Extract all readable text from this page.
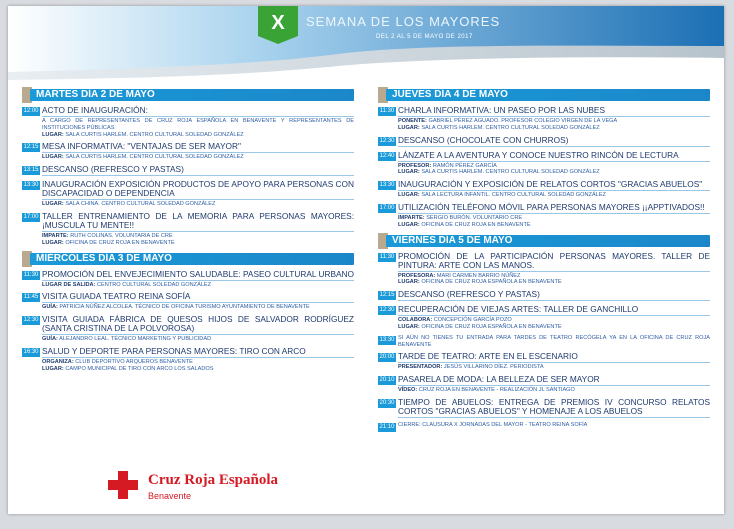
X	SEMANA DE LOS MAYORES
DEL 2 AL 5 DE MAYO DE 2017
MARTES DÍA 2 DE MAYO
12:00 ACTO DE INAUGURACIÓN:
A CARGO DE REPRESENTANTES DE CRUZ ROJA ESPAÑOLA EN BENAVENTE Y REPRESENTANTES DE INSTITUCIONES PÚBLICAS
LUGAR: SALA CURTIS HARLEM. CENTRO CULTURAL SOLEDAD GONZÁLEZ
12:15 MESA INFORMATIVA: "VENTAJAS DE SER MAYOR"
LUGAR: SALA CURTIS HARLEM. CENTRO CULTURAL SOLEDAD GONZÁLEZ
13:15 DESCANSO (REFRESCO Y PASTAS)
13:30 INAUGURACIÓN EXPOSICIÓN PRODUCTOS DE APOYO PARA PERSONAS CON DISCAPACIDAD O DEPENDENCIA
LUGAR: SALA CHINA. CENTRO CULTURAL SOLEDAD GONZÁLEZ
17:00 TALLER ENTRENAMIENTO DE LA MEMORIA PARA PERSONAS MAYORES: ¡MUSCULA TU MENTE!!
IMPARTE: RUTH COLINAS. VOLUNTARIA DE CRE
LUGAR: OFICINA DE CRUZ ROJA EN BENAVENTE
MIÉRCOLES DÍA 3 DE MAYO
11:30 PROMOCIÓN DEL ENVEJECIMIENTO SALUDABLE: PASEO CULTURAL URBANO
LUGAR DE SALIDA: CENTRO CULTURAL SOLEDAD GONZÁLEZ
11:45 VISITA GUIADA TEATRO REINA SOFÍA
GUÍA: PATRICIA NÚÑEZ ALCOLEA. TÉCNICO DE OFICINA TURISMO AYUNTAMIENTO DE BENAVENTE
12:30 VISITA GUIADA FÁBRICA DE QUESOS HIJOS DE SALVADOR RODRÍGUEZ (SANTA CRISTINA DE LA POLVOROSA)
GUÍA: ALEJANDRO LEAL. TÉCNICO MARKETING Y PUBLICIDAD
16:30 SALUD Y DEPORTE PARA PERSONAS MAYORES: TIRO CON ARCO
ORGANIZA: CLUB DEPORTIVO ARQUEROS BENAVENTE
LUGAR: CAMPO MUNICIPAL DE TIRO CON ARCO LOS SALADOS
JUEVES DÍA 4 DE MAYO
11:30 CHARLA INFORMATIVA: UN PASEO POR LAS NUBES
PONENTE: GABRIEL PÉREZ AGUADO. PROFESOR COLEGIO VIRGEN DE LA VEGA
LUGAR: SALA CURTIS HARLEM. CENTRO CULTURAL SOLEDAD GONZÁLEZ
12:30 DESCANSO (CHOCOLATE CON CHURROS)
12:40 LÁNZATE A LA AVENTURA Y CONOCE NUESTRO RINCÓN DE LECTURA
PROFESOR: RAMÓN PÉREZ GARCÍA
LUGAR: SALA CURTIS HARLEM. CENTRO CULTURAL SOLEDAD GONZÁLEZ
13:30 INAUGURACIÓN Y EXPOSICIÓN DE RELATOS CORTOS "GRACIAS ABUELOS"
LUGAR: SALA LECTURA INFANTIL. CENTRO CULTURAL SOLEDAD GONZÁLEZ
17:00 UTILIZACIÓN TELÉFONO MÓVIL PARA PERSONAS MAYORES ¡¡APPTIVADOS!!
IMPARTE: SERGIO BURÓN. VOLUNTARIO CRE
LUGAR: OFICINA DE CRUZ ROJA EN BENAVENTE
VIERNES DÍA 5 DE MAYO
11:30 PROMOCIÓN DE LA PARTICIPACIÓN PERSONAS MAYORES. TALLER DE PINTURA: ARTE CON LAS MANOS.
PROFESORA: MARI CARMEN BARRIO NÚÑEZ
LUGAR: OFICINA DE CRUZ ROJA ESPAÑOLA EN BENAVENTE
12:15 DESCANSO (REFRESCO Y PASTAS)
12:30 RECUPERACIÓN DE VIEJAS ARTES: TALLER DE GANCHILLO
COLABORA: CONCEPCIÓN GARCÍA POZO
LUGAR: OFICINA DE CRUZ ROJA ESPAÑOLA EN BENAVENTE
13:30 SI AÚN NO TIENES TU ENTRADA PARA TARDES DE TEATRO RECÓGELA YA EN LA OFICINA DE CRUZ ROJA BENAVENTE
20:00 TARDE DE TEATRO: ARTE EN EL ESCENARIO
PRESENTADOR: JESÚS VILLARINO DÍEZ. PERIODISTA
20:10 PASARELA DE MODA: LA BELLEZA DE SER MAYOR
VÍDEO: CRUZ ROJA EN BENAVENTE - REALIZACIÓN JL SANTIAGO
20:30 TIEMPO DE ABUELOS: ENTREGA DE PREMIOS IV CONCURSO RELATOS CORTOS "GRACIAS ABUELOS" Y HOMENAJE A LOS ABUELOS
21:10 CIERRE: CLAUSURA X JORNADAS DEL MAYOR - TEATRO REINA SOFÍA
Cruz Roja Española
Benavente
